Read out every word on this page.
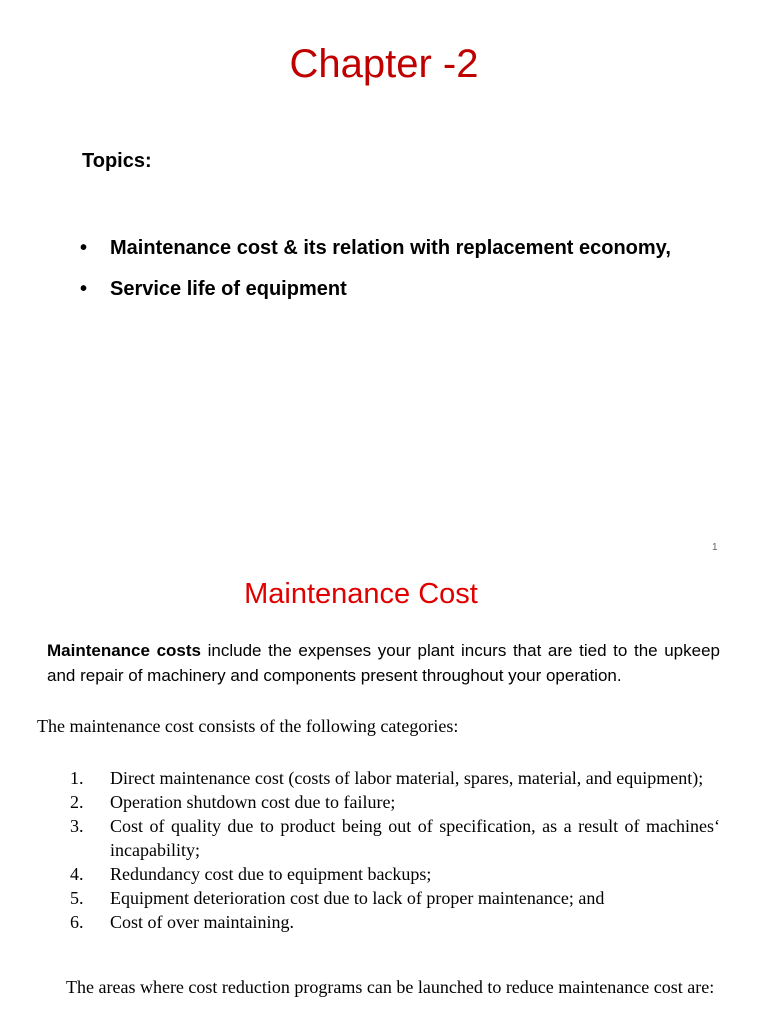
Chapter -2
Topics:
• Maintenance cost & its relation with replacement economy,
• Service life of equipment
1
Maintenance Cost

Maintenance costs include the expenses your plant incurs that are tied to the upkeep and repair of machinery and components present throughout your operation.

The maintenance cost consists of the following categories:
1. Direct maintenance cost (costs of labor material, spares, material, and equipment);
2. Operation shutdown cost due to failure;
3. Cost of quality due to product being out of specification, as a result of machines‘ incapability;
4. Redundancy cost due to equipment backups;
5. Equipment deterioration cost due to lack of proper maintenance; and
6. Cost of over maintaining.

The areas where cost reduction programs can be launched to reduce maintenance cost are:
